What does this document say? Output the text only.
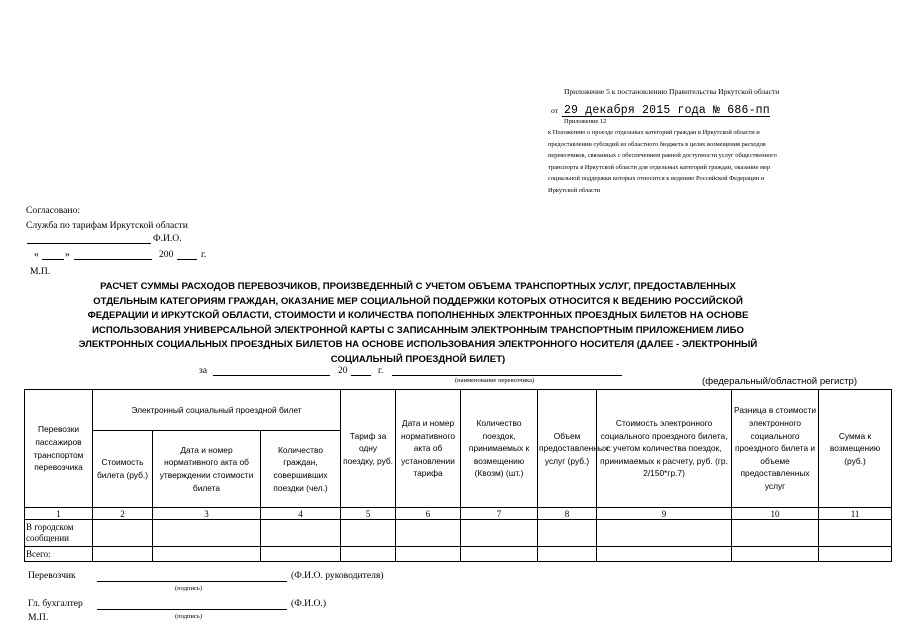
Приложение 5 к постановлению Правительства Иркутской области
от 29 декабря 2015 года № 686-пп
Приложение 12
к Положению о проезде отдельных категорий граждан в Иркутской области и
предоставлении субсидий из областного бюджета в целях возмещения расходов
перевозчиков, связанных с обеспечением равной доступности услуг общественного
транспорта в Иркутской области для отдельных категорий граждан, оказание мер
социальной поддержки которых относится к ведению Российской Федерации и
Иркутской области
Согласовано:
Служба по тарифам Иркутской области
Ф.И.О.
«	»	200	г.
М.П.
РАСЧЕТ СУММЫ РАСХОДОВ ПЕРЕВОЗЧИКОВ, ПРОИЗВЕДЕННЫЙ С УЧЕТОМ ОБЪЕМА ТРАНСПОРТНЫХ УСЛУГ, ПРЕДОСТАВЛЕННЫХ
ОТДЕЛЬНЫМ КАТЕГОРИЯМ ГРАЖДАН, ОКАЗАНИЕ МЕР СОЦИАЛЬНОЙ ПОДДЕРЖКИ КОТОРЫХ ОТНОСИТСЯ К ВЕДЕНИЮ РОССИЙСКОЙ
ФЕДЕРАЦИИ И ИРКУТСКОЙ ОБЛАСТИ, СТОИМОСТИ И КОЛИЧЕСТВА ПОПОЛНЕННЫХ ЭЛЕКТРОННЫХ ПРОЕЗДНЫХ БИЛЕТОВ НА ОСНОВЕ
ИСПОЛЬЗОВАНИЯ УНИВЕРСАЛЬНОЙ ЭЛЕКТРОННОЙ КАРТЫ С ЗАПИСАННЫМ ЭЛЕКТРОННЫМ ТРАНСПОРТНЫМ ПРИЛОЖЕНИЕМ ЛИБО
ЭЛЕКТРОННЫХ СОЦИАЛЬНЫХ ПРОЕЗДНЫХ БИЛЕТОВ НА ОСНОВЕ ИСПОЛЬЗОВАНИЯ ЭЛЕКТРОННОГО НОСИТЕЛЯ (ДАЛЕЕ - ЭЛЕКТРОННЫЙ
СОЦИАЛЬНЫЙ ПРОЕЗДНОЙ БИЛЕТ)
за	20	г.
(наименование перевозчика)	(федеральный/областной регистр)
Перевозки пассажиров транспортом перевозчика	Электронный социальный проездной билет			Тариф за одну поездку, руб.	Дата и номер нормативного акта об установлении тарифа	Количество поездок, принимаемых к возмещению (Квозм) (шт.)	Объем предоставленных услуг (руб.)	Стоимость электронного социального проездного билета, с учетом количества поездок, принимаемых к расчету, руб. (гр. 2/150*гр.7)	Разница в стоимости электронного социального проездного билета и объеме предоставленных услуг	Сумма к возмещению (руб.)
	Стоимость билета (руб.)	Дата и номер нормативного акта об утверждении стоимости билета	Количество граждан, совершивших поездки (чел.)							
1	2	3	4	5	6	7	8	9	10	11
В городском сообщении										
Всего:										
Перевозчик	(Ф.И.О. руководителя)
(подпись)
Гл. бухгалтер	(Ф.И.О.)
М.П.	(подпись)
